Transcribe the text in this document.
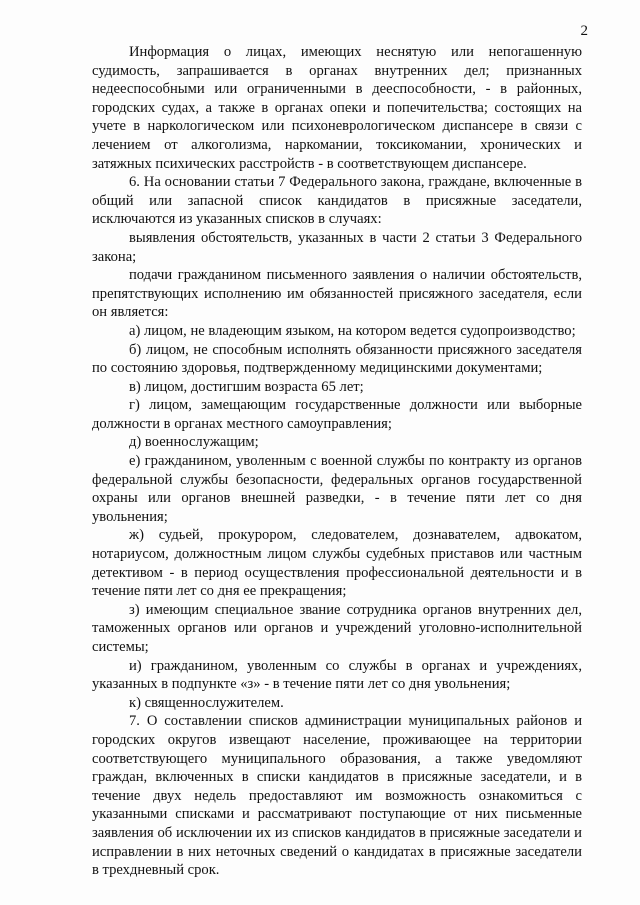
2

Информация о лицах, имеющих неснятую или непогашенную судимость, запрашивается в органах внутренних дел; признанных недееспособными или ограниченными в дееспособности, - в районных, городских судах, а также в органах опеки и попечительства; состоящих на учете в наркологическом или психоневрологическом диспансере в связи с лечением от алкоголизма, наркомании, токсикомании, хронических и затяжных психических расстройств - в соответствующем диспансере.

6. На основании статьи 7 Федерального закона, граждане, включенные в общий или запасной список кандидатов в присяжные заседатели, исключаются из указанных списков в случаях:

выявления обстоятельств, указанных в части 2 статьи 3 Федерального закона;

подачи гражданином письменного заявления о наличии обстоятельств, препятствующих исполнению им обязанностей присяжного заседателя, если он является:

а) лицом, не владеющим языком, на котором ведется судопроизводство;

б) лицом, не способным исполнять обязанности присяжного заседателя по состоянию здоровья, подтвержденному медицинскими документами;

в) лицом, достигшим возраста 65 лет;

г) лицом, замещающим государственные должности или выборные должности в органах местного самоуправления;

д) военнослужащим;

е) гражданином, уволенным с военной службы по контракту из органов федеральной службы безопасности, федеральных органов государственной охраны или органов внешней разведки, - в течение пяти лет со дня увольнения;

ж) судьей, прокурором, следователем, дознавателем, адвокатом, нотариусом, должностным лицом службы судебных приставов или частным детективом - в период осуществления профессиональной деятельности и в течение пяти лет со дня ее прекращения;

з) имеющим специальное звание сотрудника органов внутренних дел, таможенных органов или органов и учреждений уголовно-исполнительной системы;

и) гражданином, уволенным со службы в органах и учреждениях, указанных в подпункте «з» - в течение пяти лет со дня увольнения;

к) священнослужителем.

7. О составлении списков администрации муниципальных районов и городских округов извещают население, проживающее на территории соответствующего муниципального образования, а также уведомляют граждан, включенных в списки кандидатов в присяжные заседатели, и в течение двух недель предоставляют им возможность ознакомиться с указанными списками и рассматривают поступающие от них письменные заявления об исключении их из списков кандидатов в присяжные заседатели и исправлении в них неточных сведений о кандидатах в присяжные заседатели в трехдневный срок.
